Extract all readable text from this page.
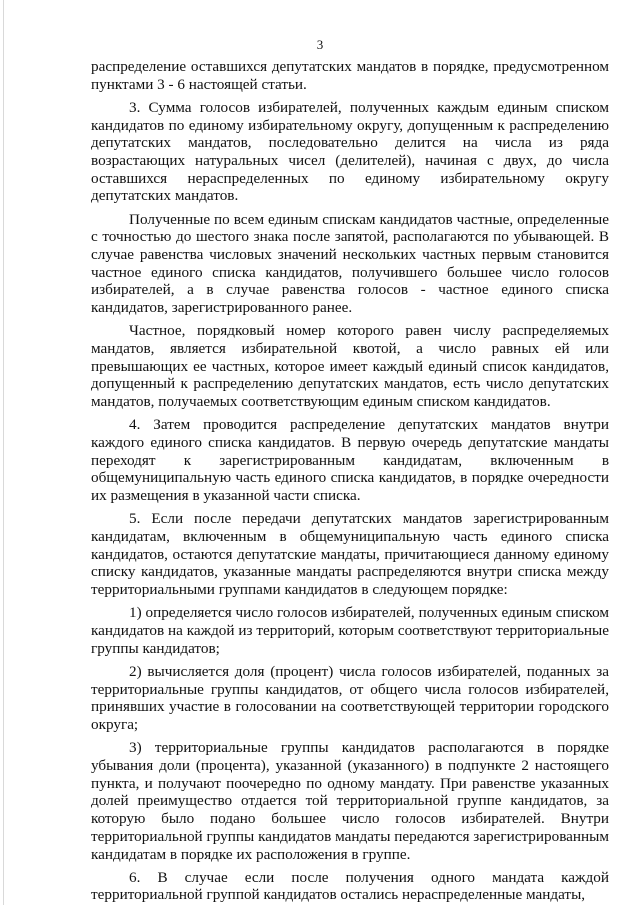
3

распределение оставшихся депутатских мандатов в порядке, предусмотренном пунктами 3 - 6 настоящей статьи.

3. Сумма голосов избирателей, полученных каждым единым списком кандидатов по единому избирательному округу, допущенным к распределению депутатских мандатов, последовательно делится на числа из ряда возрастающих натуральных чисел (делителей), начиная с двух, до числа оставшихся нераспределенных по единому избирательному округу депутатских мандатов.

Полученные по всем единым спискам кандидатов частные, определенные с точностью до шестого знака после запятой, располагаются по убывающей. В случае равенства числовых значений нескольких частных первым становится частное единого списка кандидатов, получившего большее число голосов избирателей, а в случае равенства голосов - частное единого списка кандидатов, зарегистрированного ранее.

Частное, порядковый номер которого равен числу распределяемых мандатов, является избирательной квотой, а число равных ей или превышающих ее частных, которое имеет каждый единый список кандидатов, допущенный к распределению депутатских мандатов, есть число депутатских мандатов, получаемых соответствующим единым списком кандидатов.

4. Затем проводится распределение депутатских мандатов внутри каждого единого списка кандидатов. В первую очередь депутатские мандаты переходят к зарегистрированным кандидатам, включенным в общемуниципальную часть единого списка кандидатов, в порядке очередности их размещения в указанной части списка.

5. Если после передачи депутатских мандатов зарегистрированным кандидатам, включенным в общемуниципальную часть единого списка кандидатов, остаются депутатские мандаты, причитающиеся данному единому списку кандидатов, указанные мандаты распределяются внутри списка между территориальными группами кандидатов в следующем порядке:

1) определяется число голосов избирателей, полученных единым списком кандидатов на каждой из территорий, которым соответствуют территориальные группы кандидатов;

2) вычисляется доля (процент) числа голосов избирателей, поданных за территориальные группы кандидатов, от общего числа голосов избирателей, принявших участие в голосовании на соответствующей территории городского округа;

3) территориальные группы кандидатов располагаются в порядке убывания доли (процента), указанной (указанного) в подпункте 2 настоящего пункта, и получают поочередно по одному мандату. При равенстве указанных долей преимущество отдается той территориальной группе кандидатов, за которую было подано большее число голосов избирателей. Внутри территориальной группы кандидатов мандаты передаются зарегистрированным кандидатам в порядке их расположения в группе.

6. В случае если после получения одного мандата каждой территориальной группой кандидатов остались нераспределенные мандаты,
